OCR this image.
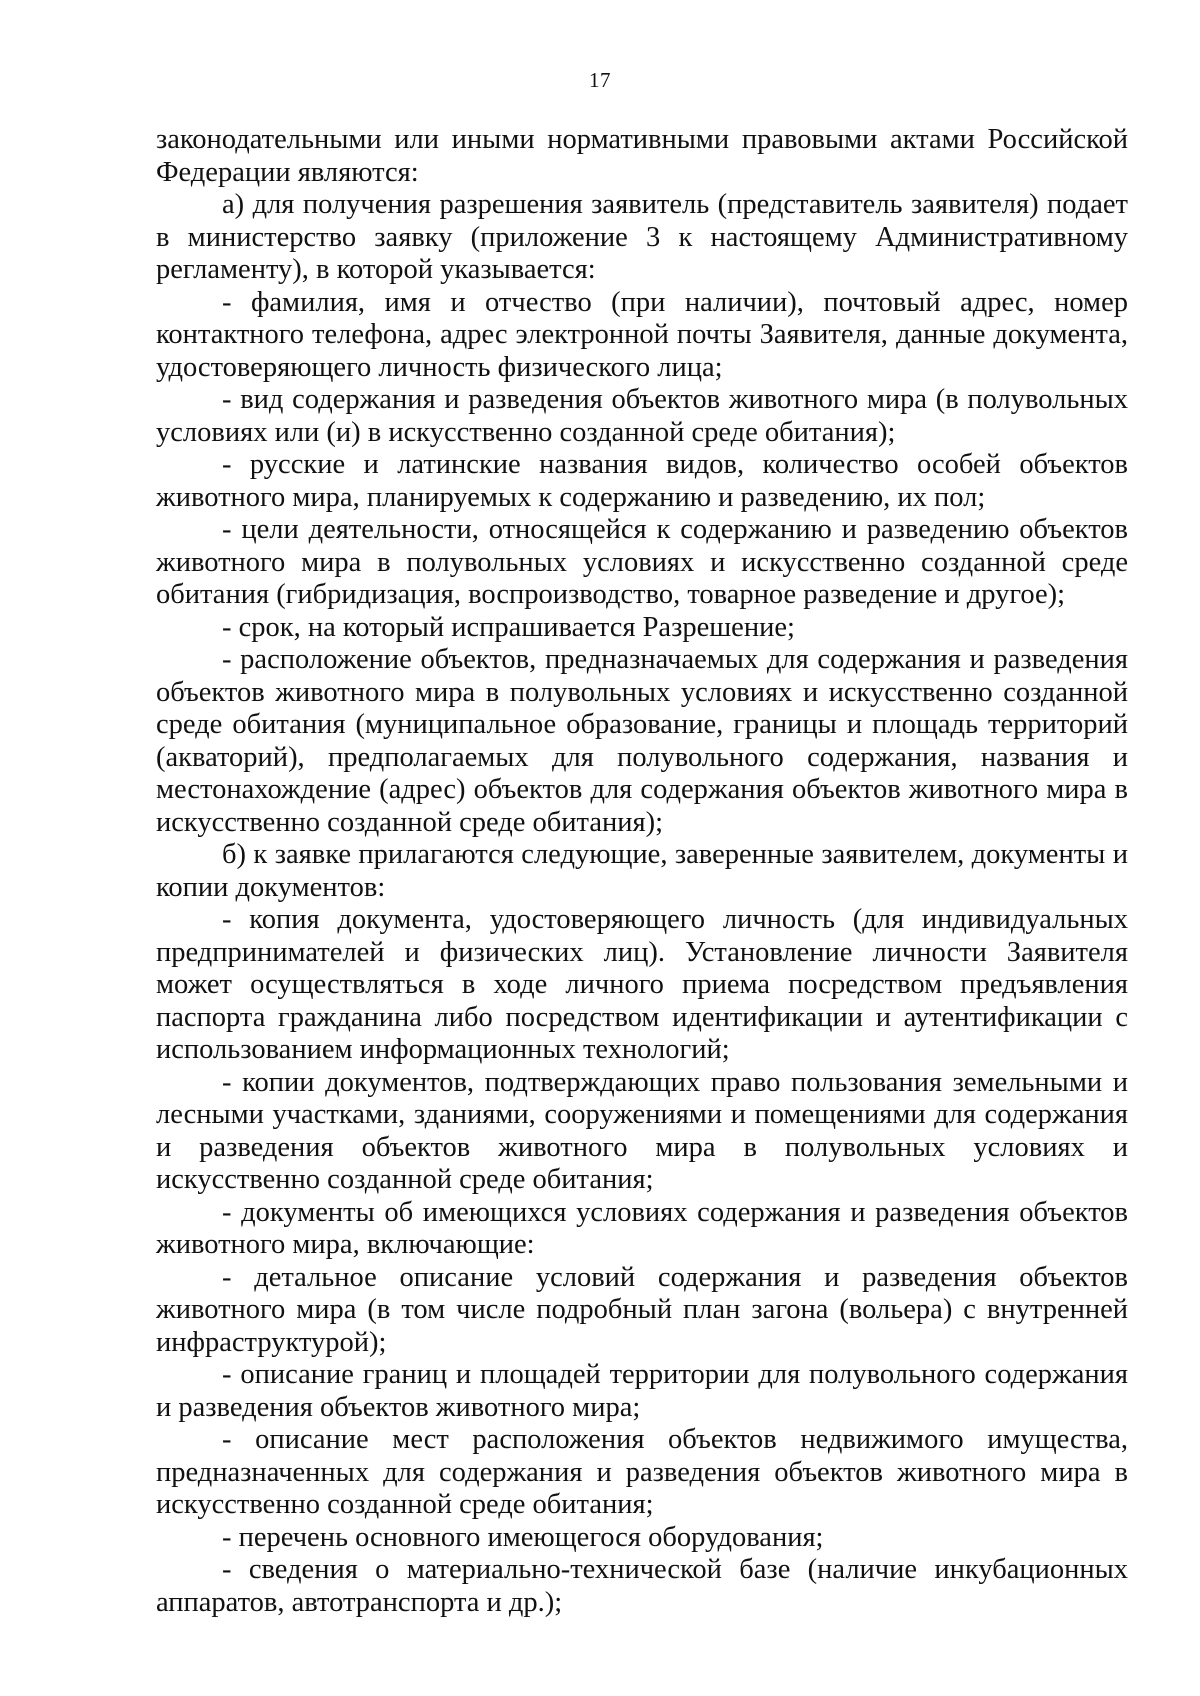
17

законодательными или иными нормативными правовыми актами Российской Федерации являются:

а) для получения разрешения заявитель (представитель заявителя) подает в министерство заявку (приложение 3 к настоящему Административному регламенту), в которой указывается:

- фамилия, имя и отчество (при наличии), почтовый адрес, номер контактного телефона, адрес электронной почты Заявителя, данные документа, удостоверяющего личность физического лица;

- вид содержания и разведения объектов животного мира (в полувольных условиях или (и) в искусственно созданной среде обитания);

- русские и латинские названия видов, количество особей объектов животного мира, планируемых к содержанию и разведению, их пол;

- цели деятельности, относящейся к содержанию и разведению объектов животного мира в полувольных условиях и искусственно созданной среде обитания (гибридизация, воспроизводство, товарное разведение и другое);

- срок, на который испрашивается Разрешение;

- расположение объектов, предназначаемых для содержания и разведения объектов животного мира в полувольных условиях и искусственно созданной среде обитания (муниципальное образование, границы и площадь территорий (акваторий), предполагаемых для полувольного содержания, названия и местонахождение (адрес) объектов для содержания объектов животного мира в искусственно созданной среде обитания);

б) к заявке прилагаются следующие, заверенные заявителем, документы и копии документов:

- копия документа, удостоверяющего личность (для индивидуальных предпринимателей и физических лиц). Установление личности Заявителя может осуществляться в ходе личного приема посредством предъявления паспорта гражданина либо посредством идентификации и аутентификации с использованием информационных технологий;

- копии документов, подтверждающих право пользования земельными и лесными участками, зданиями, сооружениями и помещениями для содержания и разведения объектов животного мира в полувольных условиях и искусственно созданной среде обитания;

- документы об имеющихся условиях содержания и разведения объектов животного мира, включающие:

- детальное описание условий содержания и разведения объектов животного мира (в том числе подробный план загона (вольера) с внутренней инфраструктурой);

- описание границ и площадей территории для полувольного содержания и разведения объектов животного мира;

- описание мест расположения объектов недвижимого имущества, предназначенных для содержания и разведения объектов животного мира в искусственно созданной среде обитания;

- перечень основного имеющегося оборудования;

- сведения о материально-технической базе (наличие инкубационных аппаратов, автотранспорта и др.);
